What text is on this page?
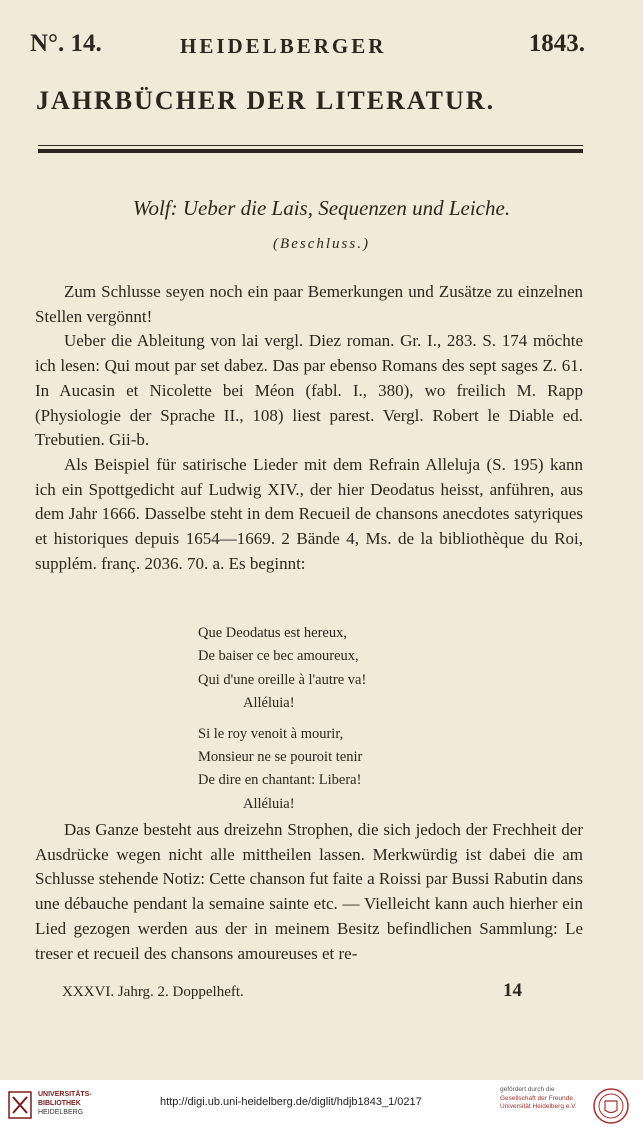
N°. 14.	HEIDELBERGER	1843.
JAHRBÜCHER DER LITERATUR.
Wolf: Ueber die Lais, Sequenzen und Leiche.
(Beschluss.)

Zum Schlusse seyen noch ein paar Bemerkungen und Zusätze zu einzelnen Stellen vergönnt!

Ueber die Ableitung von lai vergl. Diez roman. Gr. I., 283. S. 174 möchte ich lesen: Qui mout par set dabez. Das par ebenso Romans des sept sages Z. 61. In Aucasin et Nicolette bei Méon (fabl. I., 380), wo freilich M. Rapp (Physiologie der Sprache II., 108) liest parest. Vergl. Robert le Diable ed. Trebutien. Gii-b.

Als Beispiel für satirische Lieder mit dem Refrain Alleluja (S. 195) kann ich ein Spottgedicht auf Ludwig XIV., der hier Deodatus heisst, anführen, aus dem Jahr 1666. Dasselbe steht in dem Recueil de chansons anecdotes satyriques et historiques depuis 1654—1669. 2 Bände 4, Ms. de la bibliothèque du Roi, supplém. franç. 2036. 70. a. Es beginnt:

Que Deodatus est hereux,
De baiser ce bec amoureux,
Qui d'une oreille à l'autre va!
Alléluia!
Si le roy venoit à mourir,
Monsieur ne se pouroit tenir
De dire en chantant: Libera!
Alléluia!

Das Ganze besteht aus dreizehn Strophen, die sich jedoch der Frechheit der Ausdrücke wegen nicht alle mittheilen lassen. Merkwürdig ist dabei die am Schlusse stehende Notiz: Cette chanson fut faite a Roissi par Bussi Rabutin dans une débauche pendant la semaine sainte etc. — Vielleicht kann auch hierher ein Lied gezogen werden aus der in meinem Besitz befindlichen Sammlung: Le treser et recueil des chansons amoureuses et re-

XXXVI. Jahrg. 2. Doppelheft.	14
UNIVERSITÄTS-
BIBLIOTHEK
HEIDELBERG
http://digi.ub.uni-heidelberg.de/diglit/hdjb1843_1/0217
gefördert durch die
Gesellschaft der Freunde
Universität Heidelberg e.V.
